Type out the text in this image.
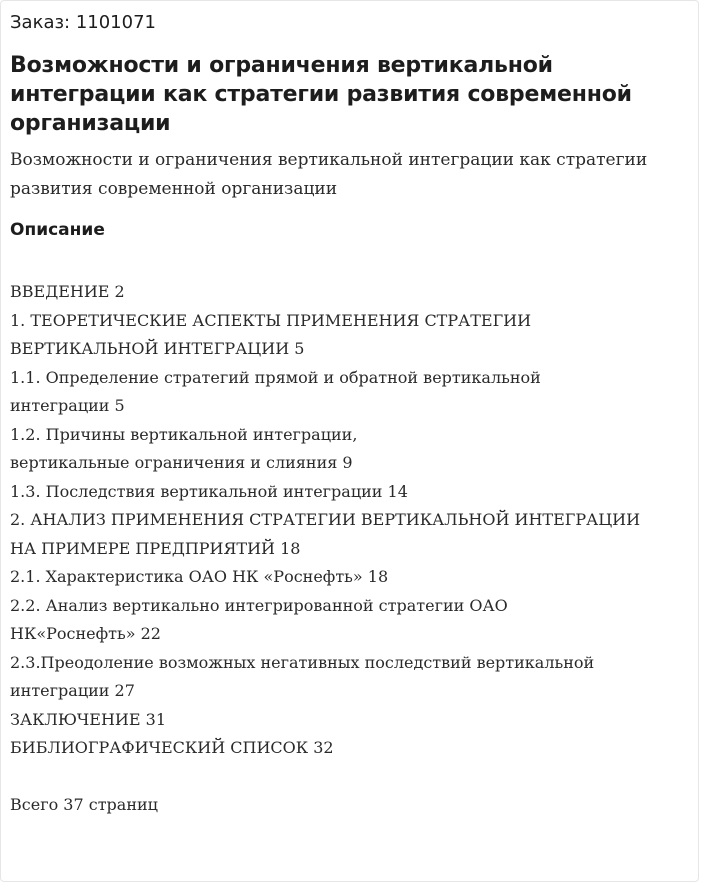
Заказ: 1101071

Возможности и ограничения вертикальной интеграции как стратегии развития современной организации

Возможности и ограничения вертикальной интеграции как стратегии развития современной организации

Описание
ВВЕДЕНИЕ 2
1. ТЕОРЕТИЧЕСКИЕ АСПЕКТЫ ПРИМЕНЕНИЯ СТРАТЕГИИ
ВЕРТИКАЛЬНОЙ ИНТЕГРАЦИИ 5
1.1. Определение стратегий прямой и обратной вертикальной
интеграции 5
1.2. Причины вертикальной интеграции,
вертикальные ограничения и слияния 9
1.3. Последствия вертикальной интеграции 14
2. АНАЛИЗ ПРИМЕНЕНИЯ СТРАТЕГИИ ВЕРТИКАЛЬНОЙ ИНТЕГРАЦИИ
НА ПРИМЕРЕ ПРЕДПРИЯТИЙ 18
2.1. Характеристика ОАО НК «Роснефть» 18
2.2. Анализ вертикально интегрированной стратегии ОАО
НК«Роснефть» 22
2.3.Преодоление возможных негативных последствий вертикальной
интеграции 27
ЗАКЛЮЧЕНИЕ 31
БИБЛИОГРАФИЧЕСКИЙ СПИСОК 32

Всего 37 страниц
